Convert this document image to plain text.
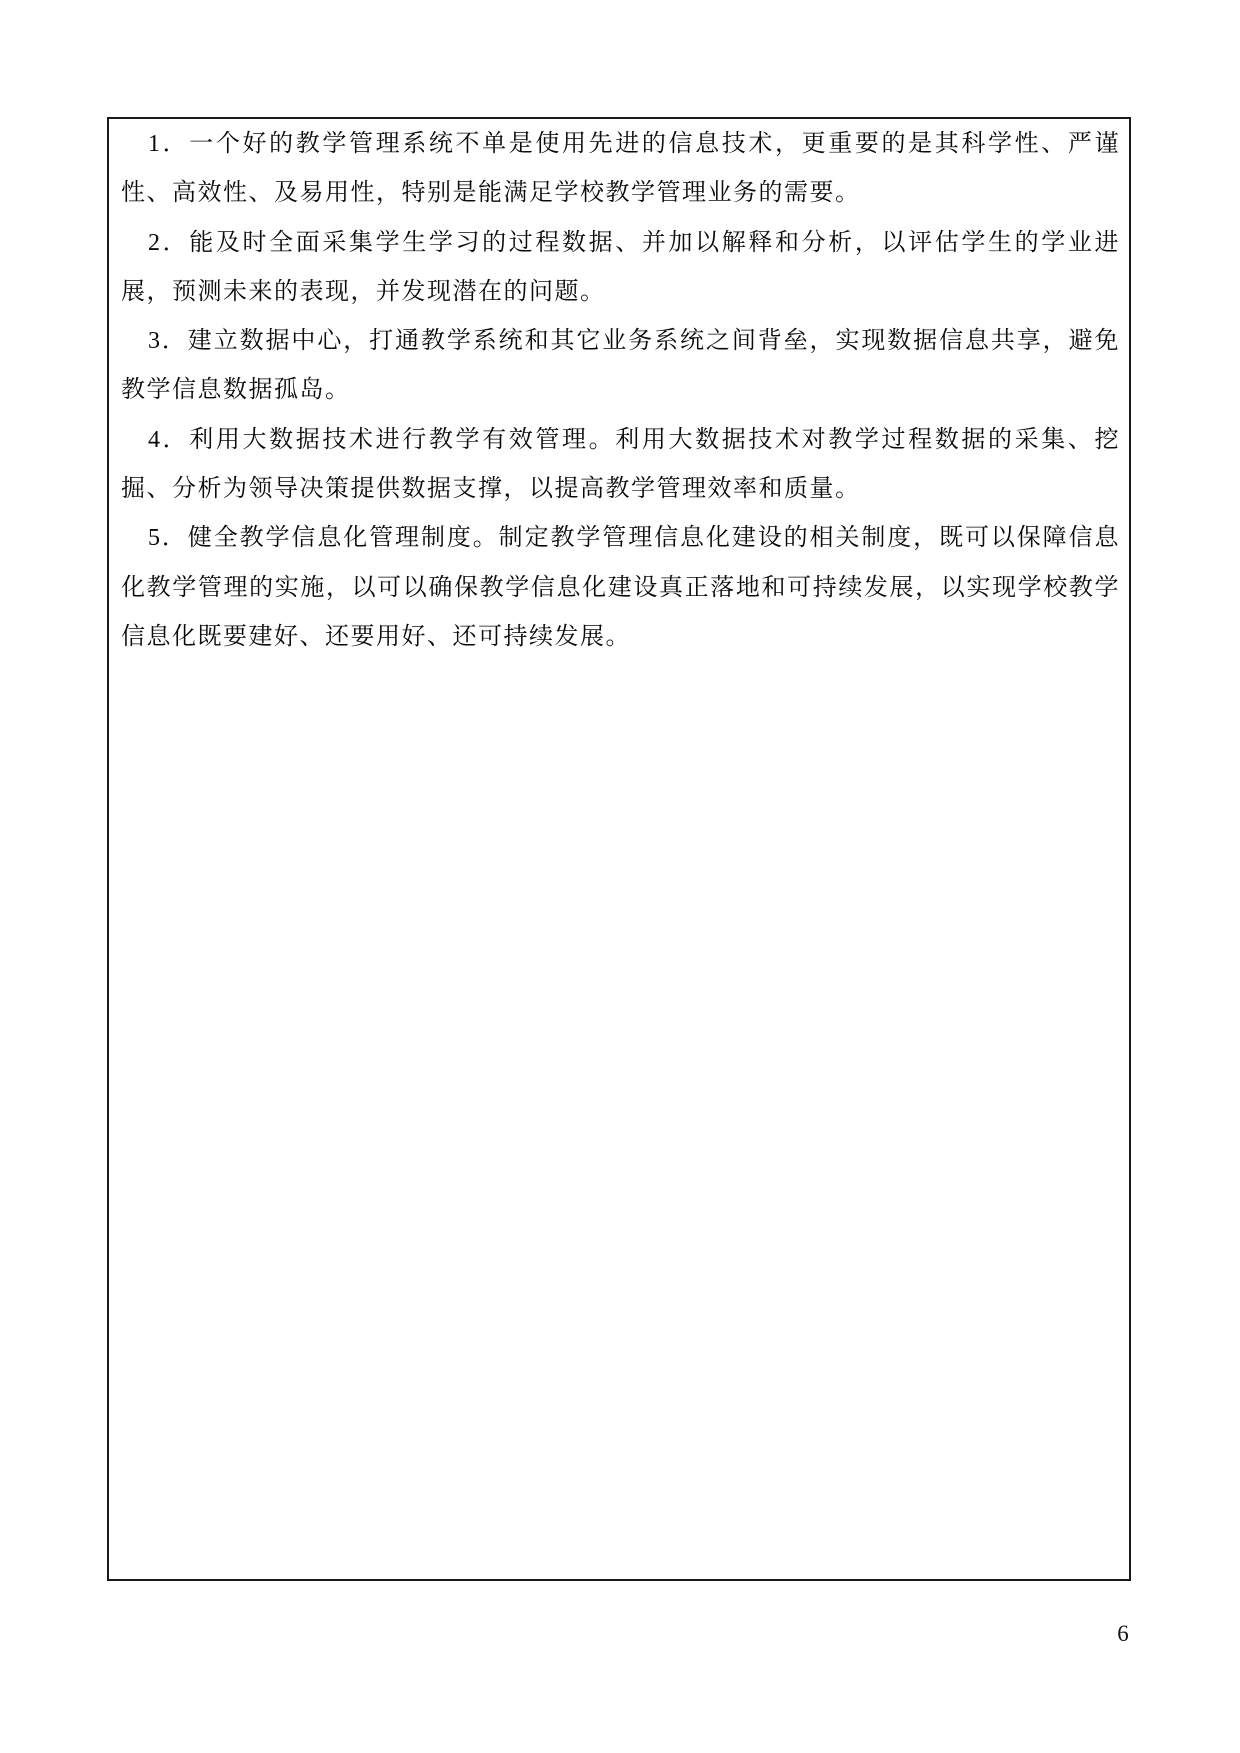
1．一个好的教学管理系统不单是使用先进的信息技术，更重要的是其科学性、严谨性、高效性、及易用性，特别是能满足学校教学管理业务的需要。

2．能及时全面采集学生学习的过程数据、并加以解释和分析，以评估学生的学业进展，预测未来的表现，并发现潜在的问题。

3．建立数据中心，打通教学系统和其它业务系统之间背垒，实现数据信息共享，避免教学信息数据孤岛。

4．利用大数据技术进行教学有效管理。利用大数据技术对教学过程数据的采集、挖掘、分析为领导决策提供数据支撑，以提高教学管理效率和质量。

5．健全教学信息化管理制度。制定教学管理信息化建设的相关制度，既可以保障信息化教学管理的实施，以可以确保教学信息化建设真正落地和可持续发展，以实现学校教学信息化既要建好、还要用好、还可持续发展。

6
